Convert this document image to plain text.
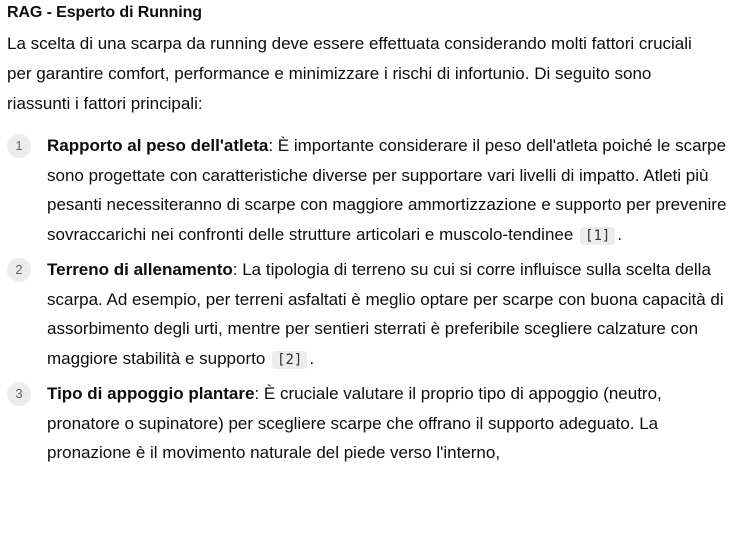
RAG - Esperto di Running
La scelta di una scarpa da running deve essere effettuata considerando molti fattori cruciali per garantire comfort, performance e minimizzare i rischi di infortunio. Di seguito sono riassunti i fattori principali:
1	Rapporto al peso dell'atleta: È importante considerare il peso dell'atleta poiché le scarpe sono progettate con caratteristiche diverse per supportare vari livelli di impatto. Atleti più pesanti necessiteranno di scarpe con maggiore ammortizzazione e supporto per prevenire sovraccarichi nei confronti delle strutture articolari e muscolo-tendinee [1] .
2	Terreno di allenamento: La tipologia di terreno su cui si corre influisce sulla scelta della scarpa. Ad esempio, per terreni asfaltati è meglio optare per scarpe con buona capacità di assorbimento degli urti, mentre per sentieri sterrati è preferibile scegliere calzature con maggiore stabilità e supporto [2] .
3	Tipo di appoggio plantare: È cruciale valutare il proprio tipo di appoggio (neutro, pronatore o supinatore) per scegliere scarpe che offrano il supporto adeguato. La pronazione è il movimento naturale del piede verso l'interno,
